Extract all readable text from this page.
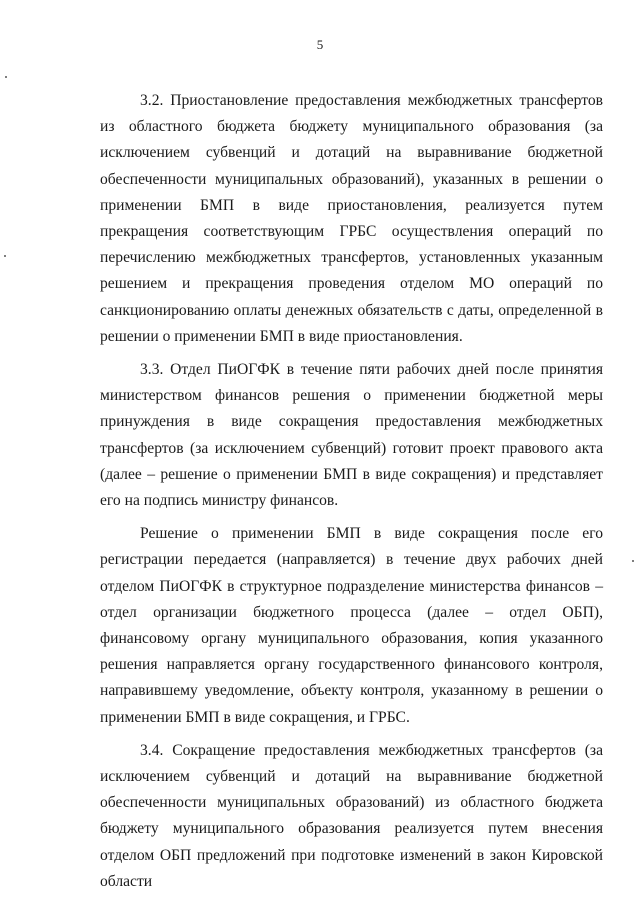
5

3.2. Приостановление предоставления межбюджетных трансфертов из областного бюджета бюджету муниципального образования (за исключением субвенций и дотаций на выравнивание бюджетной обеспеченности муниципальных образований), указанных в решении о применении БМП в виде приостановления, реализуется путем прекращения соответствующим ГРБС осуществления операций по перечислению межбюджетных трансфертов, установленных указанным решением и прекращения проведения отделом МО операций по санкционированию оплаты денежных обязательств с даты, определенной в решении о применении БМП в виде приостановления.

3.3. Отдел ПиОГФК в течение пяти рабочих дней после принятия министерством финансов решения о применении бюджетной меры принуждения в виде сокращения предоставления межбюджетных трансфертов (за исключением субвенций) готовит проект правового акта (далее – решение о применении БМП в виде сокращения) и представляет его на подпись министру финансов.

Решение о применении БМП в виде сокращения после его регистрации передается (направляется) в течение двух рабочих дней отделом ПиОГФК в структурное подразделение министерства финансов – отдел организации бюджетного процесса (далее – отдел ОБП), финансовому органу муниципального образования, копия указанного решения направляется органу государственного финансового контроля, направившему уведомление, объекту контроля, указанному в решении о применении БМП в виде сокращения, и ГРБС.

3.4. Сокращение предоставления межбюджетных трансфертов (за исключением субвенций и дотаций на выравнивание бюджетной обеспеченности муниципальных образований) из областного бюджета бюджету муниципального образования реализуется путем внесения отделом ОБП предложений при подготовке изменений в закон Кировской области
